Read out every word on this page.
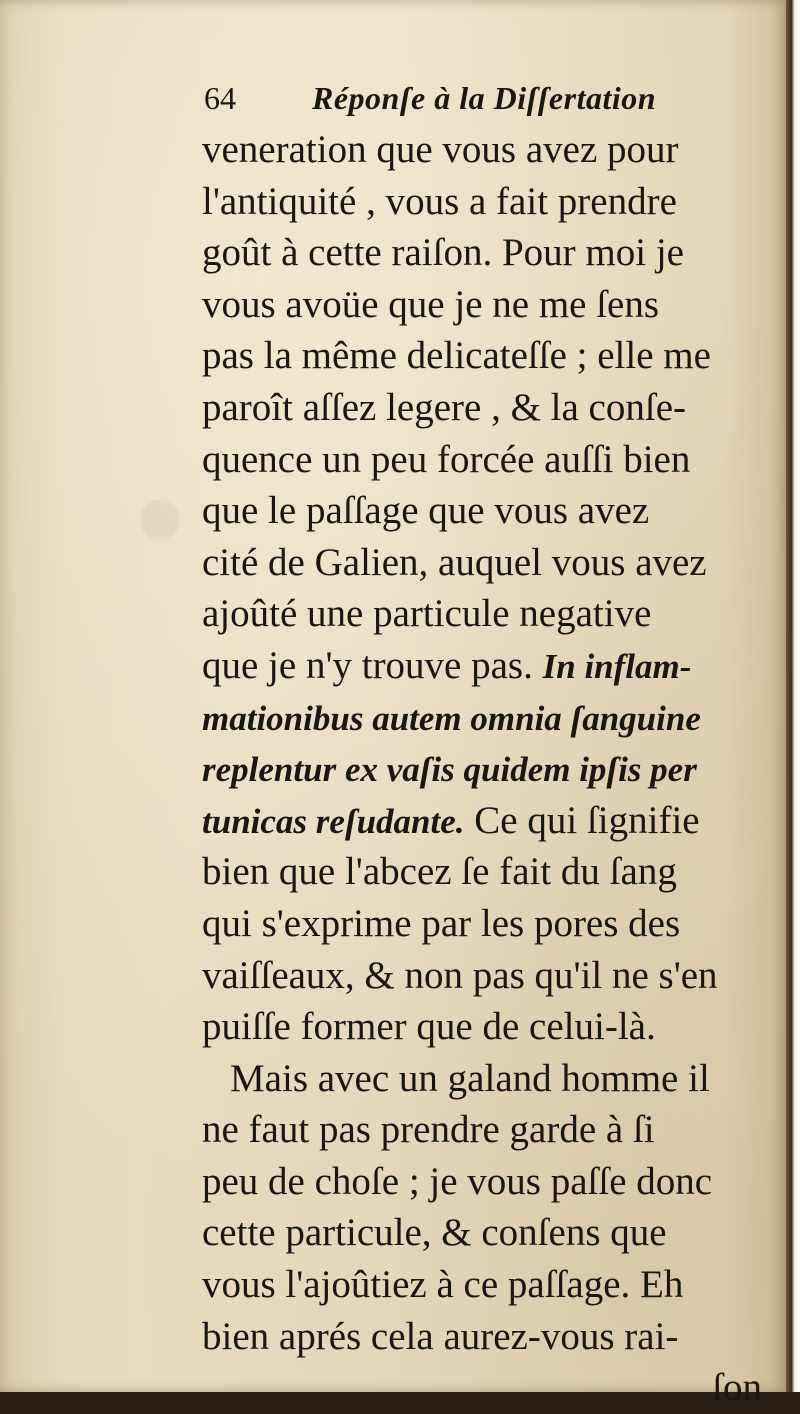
64 Réponſe à la Diſſertation
veneration que vous avez pour
l'antiquité , vous a fait prendre
goût à cette raiſon. Pour moi je
vous avoüe que je ne me ſens
pas la même delicateſſe ; elle me
paroît aſſez legere , & la conſe-
quence un peu forcée auſſi bien
que le paſſage que vous avez
cité de Galien, auquel vous avez
ajoûté une particule negative
que je n'y trouve pas. In inflam-
mationibus autem omnia ſanguine
replentur ex vaſis quidem ipſis per
tunicas reſudante. Ce qui ſignifie
bien que l'abcez ſe fait du ſang
qui s'exprime par les pores des
vaiſſeaux, & non pas qu'il ne s'en
puiſſe former que de celui-là.
Mais avec un galand homme il
ne faut pas prendre garde à ſi
peu de choſe ; je vous paſſe donc
cette particule, & conſens que
vous l'ajoûtiez à ce paſſage. Eh
bien aprés cela aurez-vous rai-
ſon
